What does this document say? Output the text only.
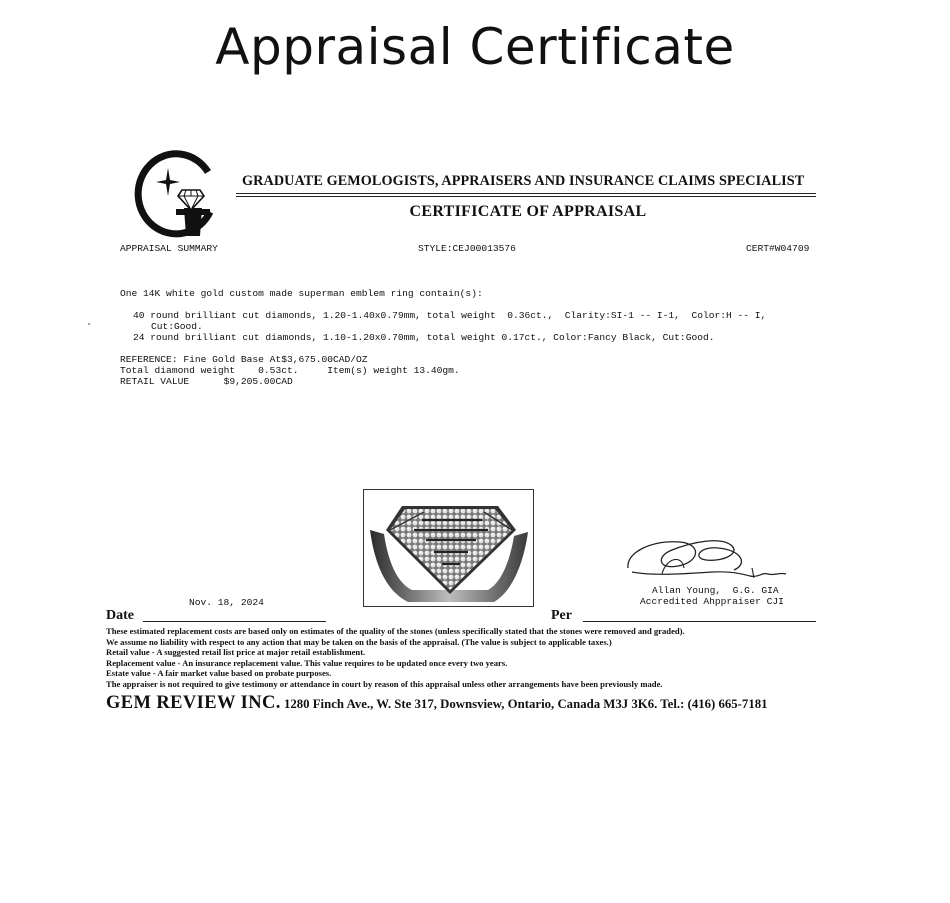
Appraisal Certificate
GRADUATE GEMOLOGISTS, APPRAISERS AND INSURANCE CLAIMS SPECIALIST
CERTIFICATE OF APPRAISAL
APPRAISAL SUMMARY	STYLE:CEJ00013576	CERT#W04709
One 14K white gold custom made superman emblem ring contain(s):
40 round brilliant cut diamonds, 1.20-1.40x0.79mm, total weight  0.36ct.,  Clarity:SI-1 -- I-1,  Color:H -- I,
Cut:Good.
24 round brilliant cut diamonds, 1.10-1.20x0.70mm, total weight 0.17ct., Color:Fancy Black, Cut:Good.
REFERENCE: Fine Gold Base At$3,675.00CAD/OZ
Total diamond weight    0.53ct.     Item(s) weight 13.40gm.
RETAIL VALUE      $9,205.00CAD
Allan Young,  G.G. GIA
Accredited Ahppraiser CJI
Nov. 18, 2024
Date	Per
These estimated replacement costs are based only on estimates of the quality of the stones (unless specifically stated that the stones were removed and graded).
We assume no liability with respect to any action that may be taken on the basis of the appraisal. (The value is subject to applicable taxes.)
Retail value - A suggested retail list price at major retail establishment.
Replacement value - An insurance replacement value. This value requires to be updated once every two years.
Estate value - A fair market value based on probate purposes.
The appraiser is not required to give testimony or attendance in court by reason of this appraisal unless other arrangements have been previously made.
GEM REVIEW INC. 1280 Finch Ave., W. Ste 317, Downsview, Ontario, Canada M3J 3K6. Tel.: (416) 665-7181
